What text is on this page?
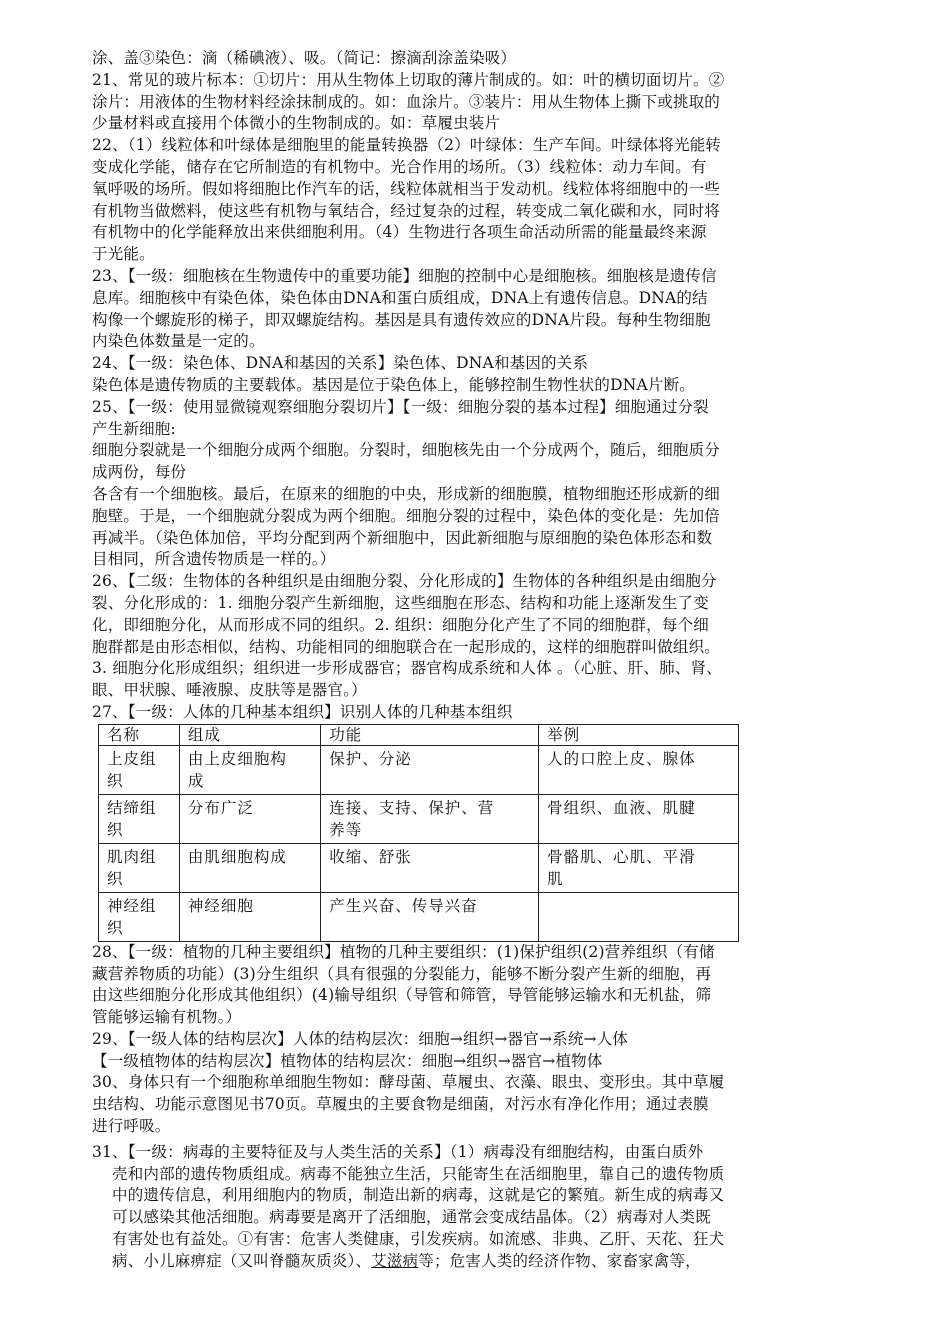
涂、盖③染色：滴（稀碘液）、吸。（简记：擦滴刮涂盖染吸）
21、常见的玻片标本：①切片：用从生物体上切取的薄片制成的。如：叶的横切面切片。②
涂片：用液体的生物材料经涂抹制成的。如：血涂片。③装片：用从生物体上撕下或挑取的
少量材料或直接用个体微小的生物制成的。如：草履虫装片
22、（1）线粒体和叶绿体是细胞里的能量转换器（2）叶绿体：生产车间。叶绿体将光能转
变成化学能，储存在它所制造的有机物中。光合作用的场所。（3）线粒体：动力车间。有
氧呼吸的场所。假如将细胞比作汽车的话，线粒体就相当于发动机。线粒体将细胞中的一些
有机物当做燃料，使这些有机物与氧结合，经过复杂的过程，转变成二氧化碳和水，同时将
有机物中的化学能释放出来供细胞利用。（4）生物进行各项生命活动所需的能量最终来源
于光能。
23、【一级：细胞核在生物遗传中的重要功能】细胞的控制中心是细胞核。细胞核是遗传信
息库。细胞核中有染色体，染色体由DNA和蛋白质组成，DNA上有遗传信息。DNA的结
构像一个螺旋形的梯子，即双螺旋结构。基因是具有遗传效应的DNA片段。每种生物细胞
内染色体数量是一定的。
24、【一级：染色体、DNA和基因的关系】染色体、DNA和基因的关系
染色体是遗传物质的主要载体。基因是位于染色体上，能够控制生物性状的DNA片断。
25、【一级：使用显微镜观察细胞分裂切片】【一级：细胞分裂的基本过程】细胞通过分裂
产生新细胞:
细胞分裂就是一个细胞分成两个细胞。分裂时，细胞核先由一个分成两个，随后，细胞质分
成两份，每份
各含有一个细胞核。最后，在原来的细胞的中央，形成新的细胞膜，植物细胞还形成新的细
胞壁。于是，一个细胞就分裂成为两个细胞。细胞分裂的过程中，染色体的变化是：先加倍
再减半。（染色体加倍，平均分配到两个新细胞中，因此新细胞与原细胞的染色体形态和数
目相同，所含遗传物质是一样的。）
26、【二级：生物体的各种组织是由细胞分裂、分化形成的】生物体的各种组织是由细胞分
裂、分化形成的：1. 细胞分裂产生新细胞，这些细胞在形态、结构和功能上逐渐发生了变
化，即细胞分化，从而形成不同的组织。2. 组织：细胞分化产生了不同的细胞群，每个细
胞群都是由形态相似，结构、功能相同的细胞联合在一起形成的，这样的细胞群叫做组织。
3. 细胞分化形成组织；组织进一步形成器官；器官构成系统和人体 。（心脏、肝、肺、肾、
眼、甲状腺、唾液腺、皮肤等是器官。）
27、【一级：人体的几种基本组织】识别人体的几种基本组织
名称	组成	功能	举例

上皮组
织	由上皮细胞构
成	保护、分泌	人的口腔上皮、腺体

结缔组
织	分布广泛	连接、支持、保护、营
养等	骨组织、血液、肌腱

肌肉组
织	由肌细胞构成	收缩、舒张	骨骼肌、心肌、平滑
肌

神经组
织	神经细胞	产生兴奋、传导兴奋	

28、【一级：植物的几种主要组织】植物的几种主要组织：(1)保护组织(2)营养组织（有储
藏营养物质的功能）(3)分生组织（具有很强的分裂能力，能够不断分裂产生新的细胞，再
由这些细胞分化形成其他组织）(4)输导组织（导管和筛管，导管能够运输水和无机盐，筛
管能够运输有机物。）
29、【一级人体的结构层次】人体的结构层次：细胞→组织→器官→系统→人体
【一级植物体的结构层次】植物体的结构层次：细胞→组织→器官→植物体
30、身体只有一个细胞称单细胞生物如：酵母菌、草履虫、衣藻、眼虫、变形虫。其中草履
虫结构、功能示意图见书70页。草履虫的主要食物是细菌，对污水有净化作用；通过表膜
进行呼吸。
31、【一级：病毒的主要特征及与人类生活的关系】（1）病毒没有细胞结构，由蛋白质外
壳和内部的遗传物质组成。病毒不能独立生活，只能寄生在活细胞里，靠自己的遗传物质
中的遗传信息，利用细胞内的物质，制造出新的病毒，这就是它的繁殖。新生成的病毒又
可以感染其他活细胞。病毒要是离开了活细胞，通常会变成结晶体。（2）病毒对人类既
有害处也有益处。①有害：危害人类健康，引发疾病。如流感、非典、乙肝、天花、狂犬
病、小儿麻痹症（又叫脊髓灰质炎）、艾滋病等；危害人类的经济作物、家畜家禽等，
